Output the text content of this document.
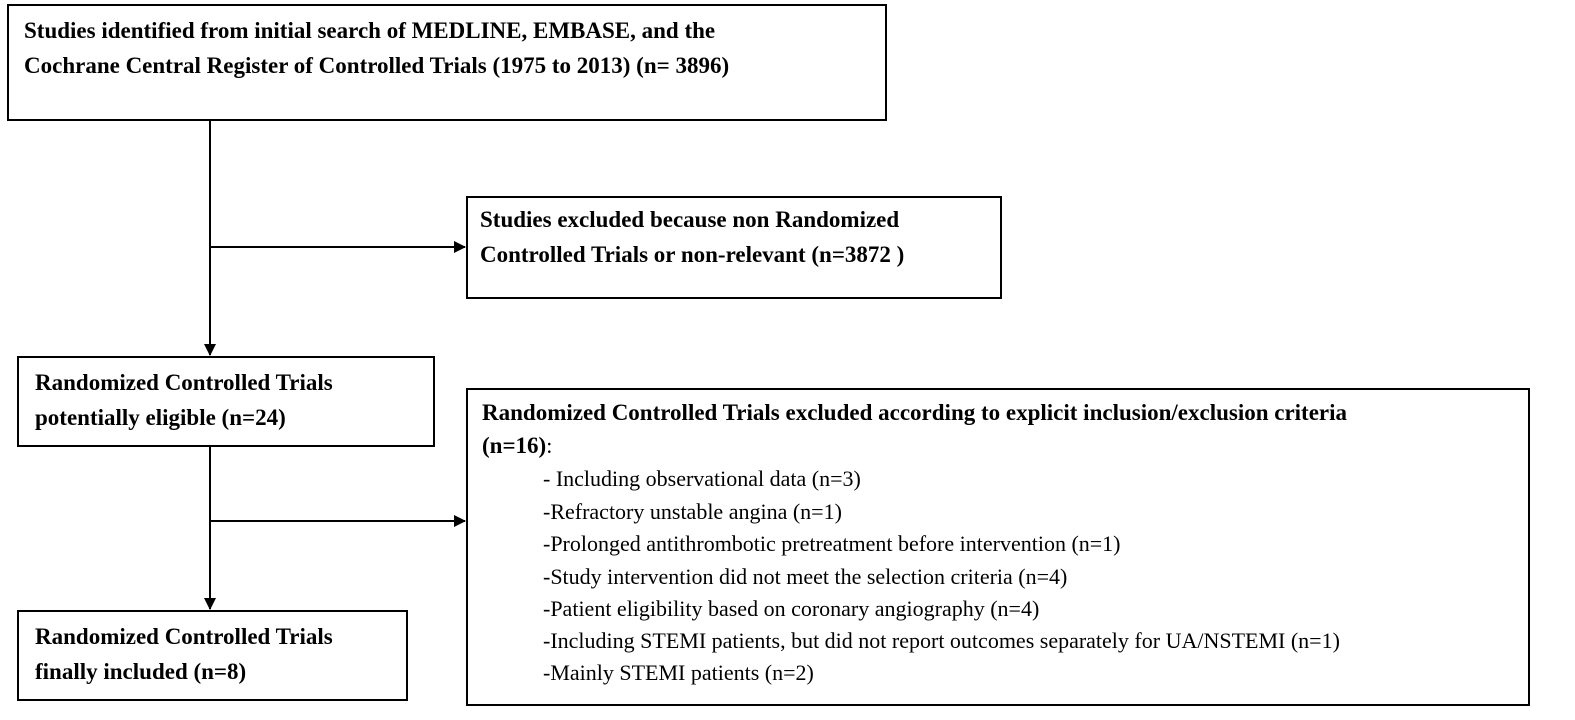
Studies identified from initial search of MEDLINE, EMBASE, and the
Cochrane Central Register of Controlled Trials (1975 to 2013) (n= 3896)
Studies excluded because non Randomized
Controlled Trials or non-relevant (n=3872 )
Randomized Controlled Trials
potentially eligible (n=24)	Randomized Controlled Trials excluded according to explicit inclusion/exclusion criteria
(n=16):
- Including observational data (n=3)
-Refractory unstable angina (n=1)
-Prolonged antithrombotic pretreatment before intervention (n=1)
-Study intervention did not meet the selection criteria (n=4)
-Patient eligibility based on coronary angiography (n=4)
-Including STEMI patients, but did not report outcomes separately for UA/NSTEMI (n=1)
-Mainly STEMI patients (n=2)
Randomized Controlled Trials
finally included (n=8)
